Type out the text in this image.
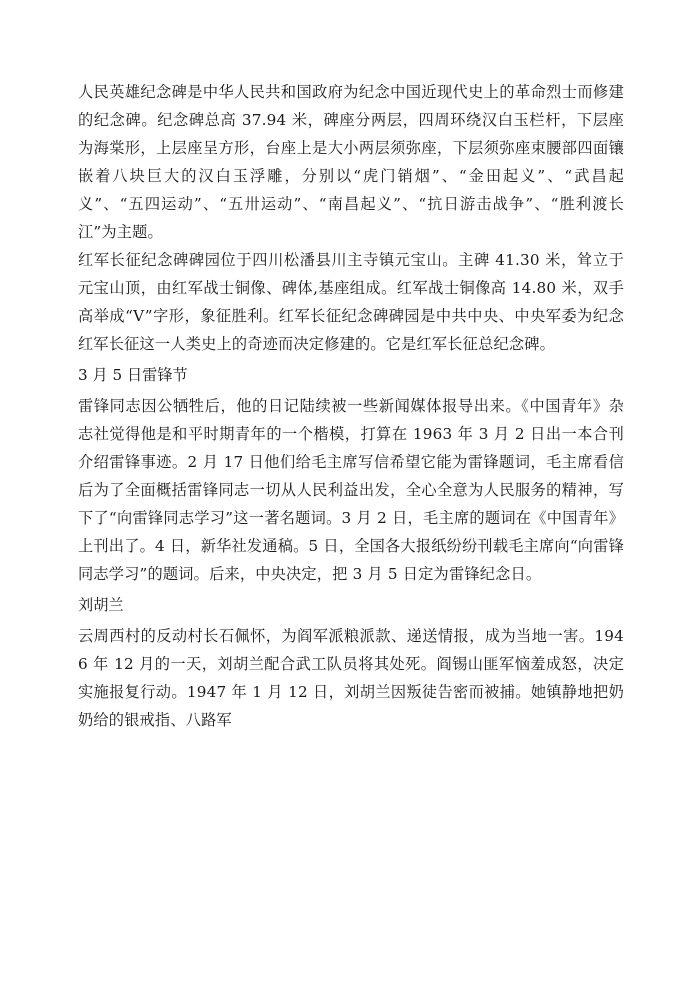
人民英雄纪念碑是中华人民共和国政府为纪念中国近现代史上的革命烈士而修建的纪念碑。纪念碑总高 37.94 米，碑座分两层，四周环绕汉白玉栏杆，下层座为海棠形，上层座呈方形，台座上是大小两层须弥座，下层须弥座束腰部四面镶嵌着八块巨大的汉白玉浮雕，分别以“虎门销烟”、“金田起义”、“武昌起义”、“五四运动”、“五卅运动”、“南昌起义”、“抗日游击战争”、“胜利渡长江”为主题。

红军长征纪念碑碑园位于四川松潘县川主寺镇元宝山。主碑 41.30 米，耸立于元宝山顶，由红军战士铜像、碑体,基座组成。红军战士铜像高 14.80 米，双手高举成“V”字形，象征胜利。红军长征纪念碑碑园是中共中央、中央军委为纪念红军长征这一人类史上的奇迹而决定修建的。它是红军长征总纪念碑。

3 月 5 日雷锋节

雷锋同志因公牺牲后，他的日记陆续被一些新闻媒体报导出来。《中国青年》杂志社觉得他是和平时期青年的一个楷模，打算在 1963 年 3 月 2 日出一本合刊介绍雷锋事迹。2 月 17 日他们给毛主席写信希望它能为雷锋题词，毛主席看信后为了全面概括雷锋同志一切从人民利益出发，全心全意为人民服务的精神，写下了“向雷锋同志学习”这一著名题词。3 月 2 日，毛主席的题词在《中国青年》上刊出了。4 日，新华社发通稿。5 日，全国各大报纸纷纷刊载毛主席向“向雷锋同志学习”的题词。后来，中央决定，把 3 月 5 日定为雷锋纪念日。

刘胡兰

云周西村的反动村长石佩怀，为阎军派粮派款、递送情报，成为当地一害。1946 年 12 月的一天，刘胡兰配合武工队员将其处死。阎锡山匪军恼羞成怒，决定实施报复行动。1947 年 1 月 12 日，刘胡兰因叛徒告密而被捕。她镇静地把奶奶给的银戒指、八路军
